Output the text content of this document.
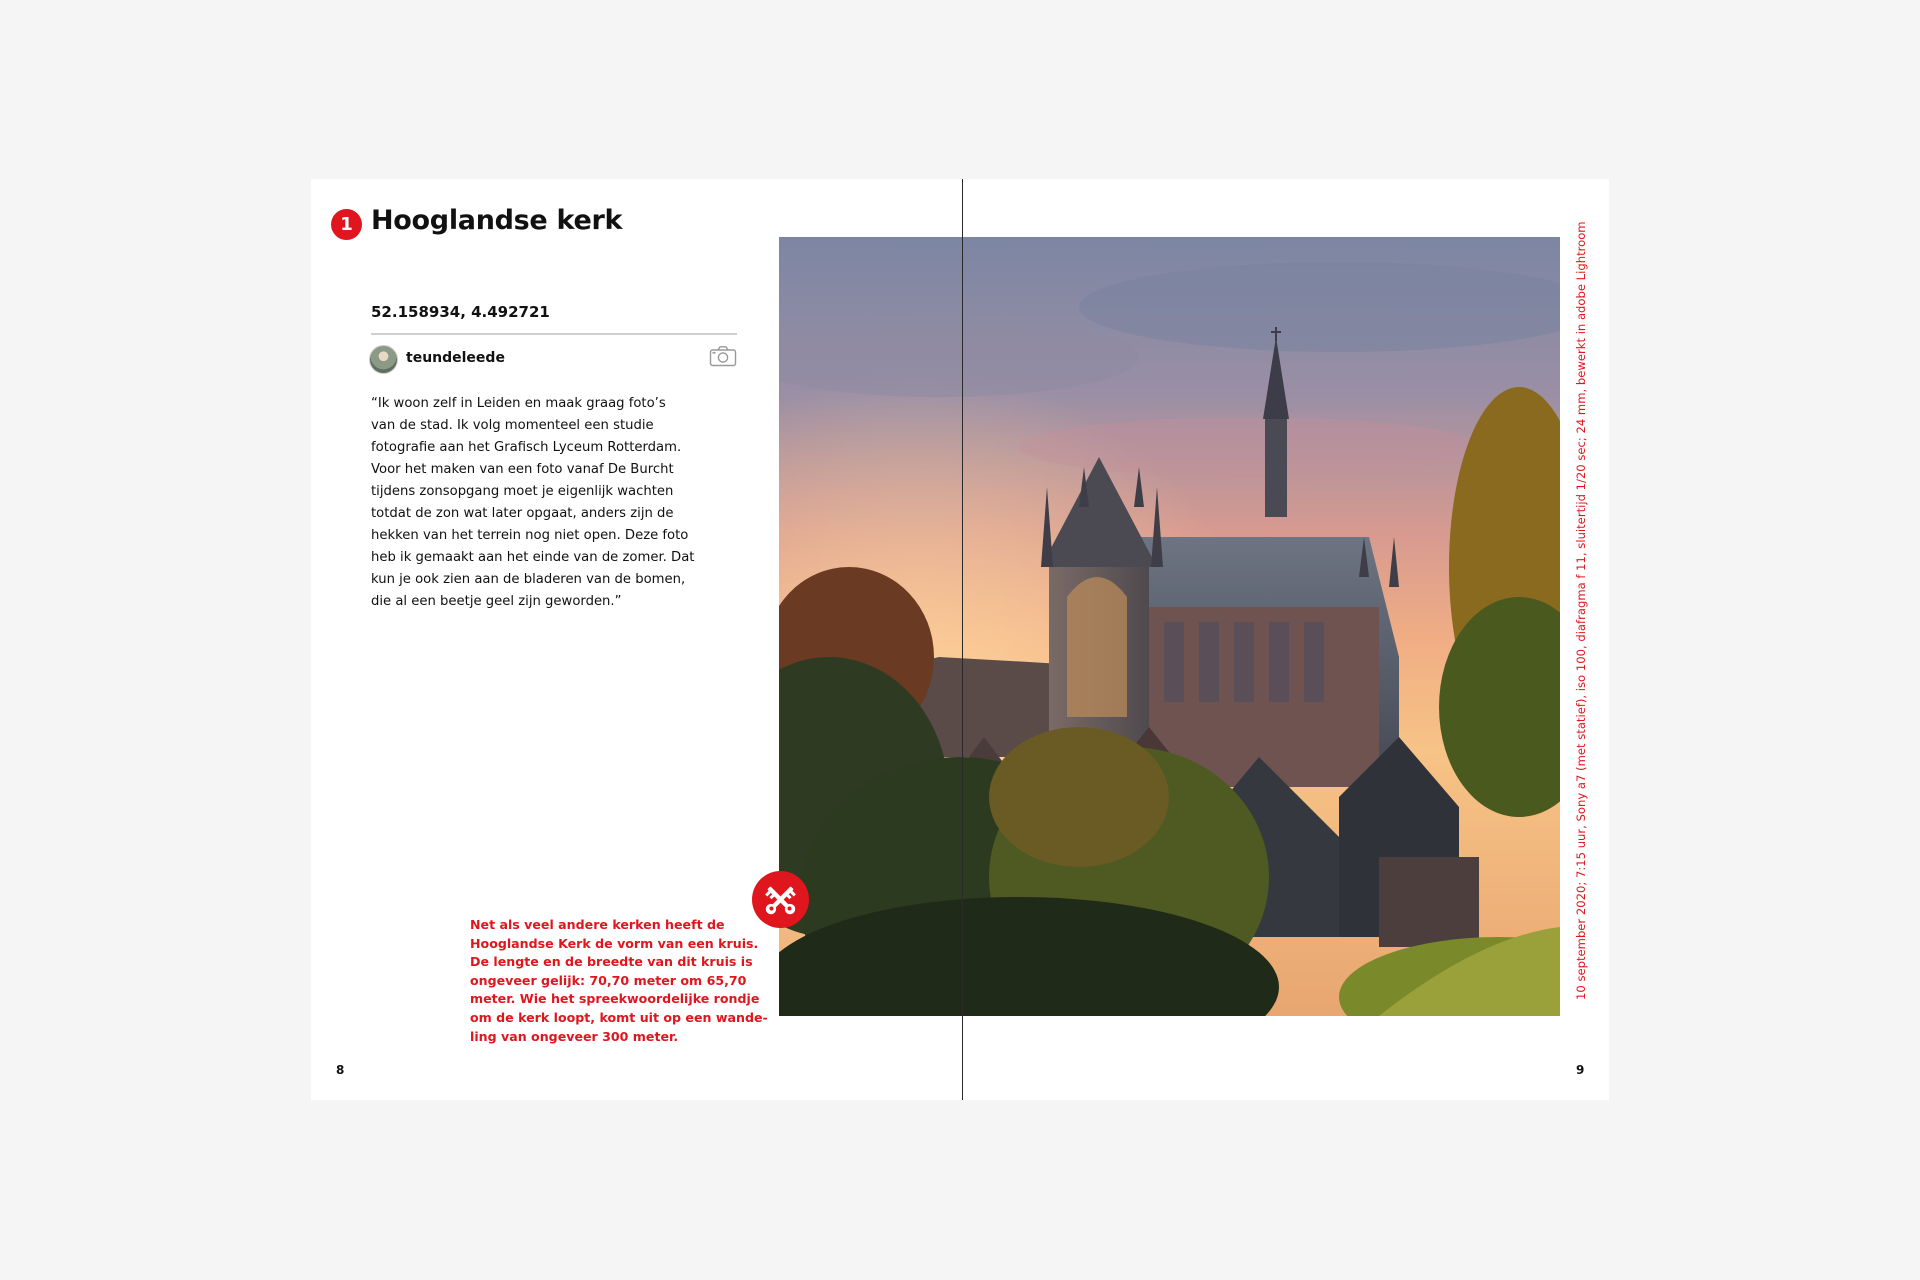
1 Hooglandse kerk
52.158934, 4.492721
teundeleede
“Ik woon zelf in Leiden en maak graag foto’s
van de stad. Ik volg momenteel een studie
fotografie aan het Grafisch Lyceum Rotterdam.
Voor het maken van een foto vanaf De Burcht
tijdens zonsopgang moet je eigenlijk wachten
totdat de zon wat later opgaat, anders zijn de
hekken van het terrein nog niet open. Deze foto
heb ik gemaakt aan het einde van de zomer. Dat
kun je ook zien aan de bladeren van de bomen,
die al een beetje geel zijn geworden.”
Net als veel andere kerken heeft de
Hooglandse Kerk de vorm van een kruis.
De lengte en de breedte van dit kruis is
ongeveer gelijk: 70,70 meter om 65,70
meter. Wie het spreekwoordelijke rondje
om de kerk loopt, komt uit op een wande-
ling van ongeveer 300 meter.
8
10 september 2020; 7:15 uur, Sony a7 (met statief), iso 100, diafragma f 11, sluitertijd 1/20 sec; 24 mm, bewerkt in adobe Lightroom
9
